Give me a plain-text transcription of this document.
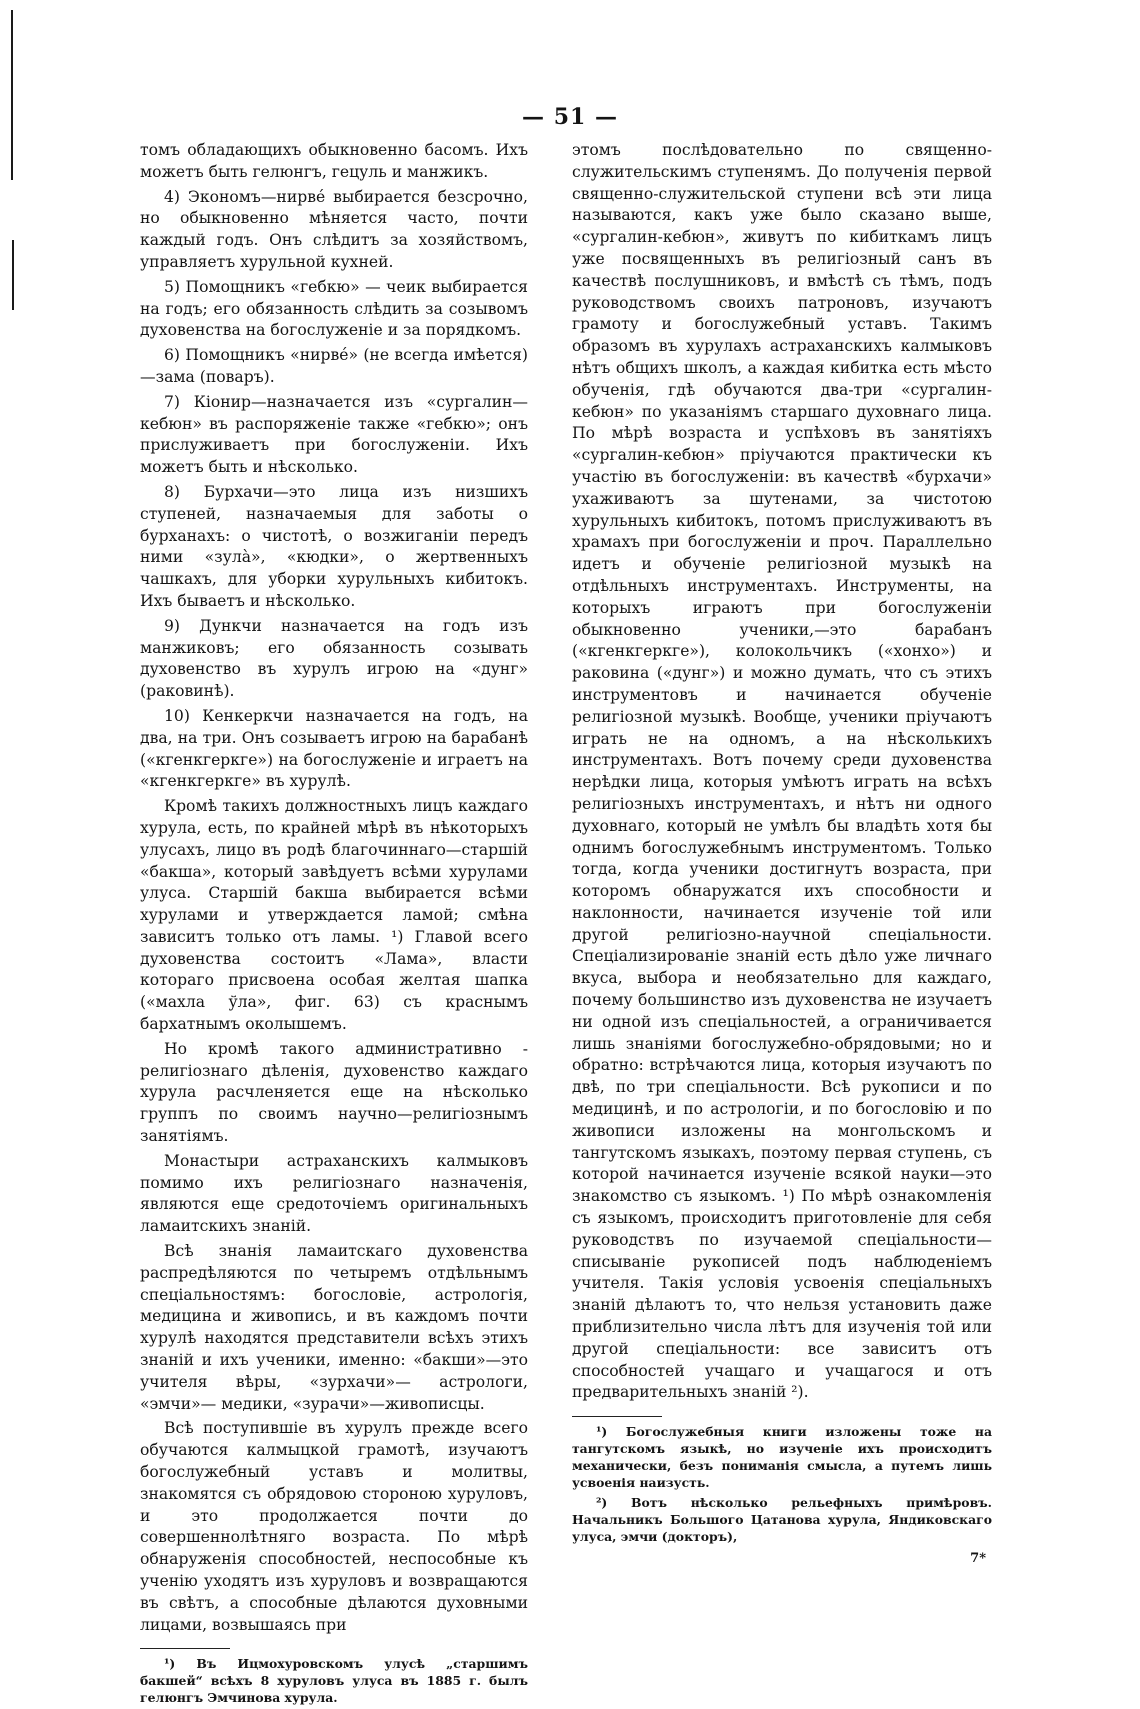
— 51 —

томъ обладающихъ обыкновенно басомъ. Ихъ можетъ быть гелюнгъ, гецуль и манжикъ.

4) Экономъ—нирвé выбирается безсрочно, но обыкновенно мѣняется часто, почти каждый годъ. Онъ слѣдитъ за хозяйствомъ, управляетъ хурульной кухней.

5) Помощникъ «гебкю» — чеик выбирается на годъ; его обязанность слѣдить за созывомъ духовенства на богослуженіе и за порядкомъ.

6) Помощникъ «нирвé» (не всегда имѣется)—зама (поваръ).

7) Кіонир—назначается изъ «сургалин—кебюн» въ распоряженіе также «гебкю»; онъ прислуживаетъ при богослуженіи. Ихъ можетъ быть и нѣсколько.

8) Бурхачи—это лица изъ низшихъ ступеней, назначаемыя для заботы о бурханахъ: о чистотѣ, о возжиганіи передъ ними «зулà», «кюдки», о жертвенныхъ чашкахъ, для уборки хурульныхъ кибитокъ. Ихъ бываетъ и нѣсколько.

9) Дункчи назначается на годъ изъ манжиковъ; его обязанность созывать духовенство въ хурулъ игрою на «дунг» (раковинѣ).

10) Кенкеркчи назначается на годъ, на два, на три. Онъ созываетъ игрою на барабанѣ («кгенкгеркге») на богослуженіе и играетъ на «кгенкгеркге» въ хурулѣ.

Кромѣ такихъ должностныхъ лицъ каждаго хурула, есть, по крайней мѣрѣ въ нѣкоторыхъ улусахъ, лицо въ родѣ благочиннаго—старшій «бакша», который завѣдуетъ всѣми хурулами улуса. Старшій бакша выбирается всѣми хурулами и утверждается ламой; смѣна зависитъ только отъ ламы. ¹) Главой всего духовенства состоитъ «Лама», власти котораго присвоена особая желтая шапка («махла ўла», фиг. 63) съ краснымъ бархатнымъ околышемъ.

Но кромѣ такого административно - религіознаго дѣленія, духовенство каждаго хурула расчленяется еще на нѣсколько группъ по своимъ научно—религіознымъ занятіямъ.

Монастыри астраханскихъ калмыковъ помимо ихъ религіознаго назначенія, являются еще средоточіемъ оригинальныхъ ламаитскихъ знаній.

Всѣ знанія ламаитскаго духовенства распредѣляются по четыремъ отдѣльнымъ спеціальностямъ: богословіе, астрологія, медицина и живопись, и въ каждомъ почти хурулѣ находятся представители всѣхъ этихъ знаній и ихъ ученики, именно: «бакши»—это учителя вѣры, «зурхачи»— астрологи, «эмчи»— медики, «зурачи»—живописцы.

Всѣ поступившіе въ хурулъ прежде всего обучаются калмыцкой грамотѣ, изучаютъ богослужебный уставъ и молитвы, знакомятся съ обрядовою стороною хуруловъ, и это продолжается почти до совершеннолѣтняго возраста. По мѣрѣ обнаруженія способностей, неспособные къ ученію уходятъ изъ хуруловъ и возвращаются въ свѣтъ, а способные дѣлаются духовными лицами, возвышаясь при

¹) Въ Ицмохуровскомъ улусѣ „старшимъ бакшей“ всѣхъ 8 хуруловъ улуса въ 1885 г. былъ гелюнгъ Эмчинова хурула.

этомъ послѣдовательно по священно-служительскимъ ступенямъ. До полученія первой священно-служительской ступени всѣ эти лица называются, какъ уже было сказано выше, «сургалин-кебюн», живутъ по кибиткамъ лицъ уже посвященныхъ въ религіозный санъ въ качествѣ послушниковъ, и вмѣстѣ съ тѣмъ, подъ руководствомъ своихъ патроновъ, изучаютъ грамоту и богослужебный уставъ. Такимъ образомъ въ хурулахъ астраханскихъ калмыковъ нѣтъ общихъ школъ, а каждая кибитка есть мѣсто обученія, гдѣ обучаются два-три «сургалин-кебюн» по указаніямъ старшаго духовнаго лица. По мѣрѣ возраста и успѣховъ въ занятіяхъ «сургалин-кебюн» пріучаются практически къ участію въ богослуженіи: въ качествѣ «бурхачи» ухаживаютъ за шутенами, за чистотою хурульныхъ кибитокъ, потомъ прислуживаютъ въ храмахъ при богослуженіи и проч. Параллельно идетъ и обученіе религіозной музыкѣ на отдѣльныхъ инструментахъ. Инструменты, на которыхъ играютъ при богослуженіи обыкновенно ученики,—это барабанъ («кгенкгеркге»), колокольчикъ («хонхо») и раковина («дунг») и можно думать, что съ этихъ инструментовъ и начинается обученіе религіозной музыкѣ. Вообще, ученики пріучаютъ играть не на одномъ, а на нѣсколькихъ инструментахъ. Вотъ почему среди духовенства нерѣдки лица, которыя умѣютъ играть на всѣхъ религіозныхъ инструментахъ, и нѣтъ ни одного духовнаго, который не умѣлъ бы владѣть хотя бы однимъ богослужебнымъ инструментомъ. Только тогда, когда ученики достигнутъ возраста, при которомъ обнаружатся ихъ способности и наклонности, начинается изученіе той или другой религіозно-научной спеціальности. Спеціализированіе знаній есть дѣло уже личнаго вкуса, выбора и необязательно для каждаго, почему большинство изъ духовенства не изучаетъ ни одной изъ спеціальностей, а ограничивается лишь знаніями богослужебно-обрядовыми; но и обратно: встрѣчаются лица, которыя изучаютъ по двѣ, по три спеціальности. Всѣ рукописи и по медицинѣ, и по астрологіи, и по богословію и по живописи изложены на монгольскомъ и тангутскомъ языкахъ, поэтому первая ступень, съ которой начинается изученіе всякой науки—это знакомство съ языкомъ. ¹) По мѣрѣ ознакомленія съ языкомъ, происходитъ приготовленіе для себя руководствъ по изучаемой спеціальности—списываніе рукописей подъ наблюденіемъ учителя. Такія условія усвоенія спеціальныхъ знаній дѣлаютъ то, что нельзя установить даже приблизительно числа лѣтъ для изученія той или другой спеціальности: все зависитъ отъ способностей учащаго и учащагося и отъ предварительныхъ знаній ²).

¹) Богослужебныя книги изложены тоже на тангутскомъ языкѣ, но изученіе ихъ происходитъ механически, безъ пониманія смысла, а путемъ лишь усвоенія наизусть.

²) Вотъ нѣсколько рельефныхъ примѣровъ. Начальникъ Большого Цатанова хурула, Яндиковскаго улуса, эмчи (докторъ),

7*
